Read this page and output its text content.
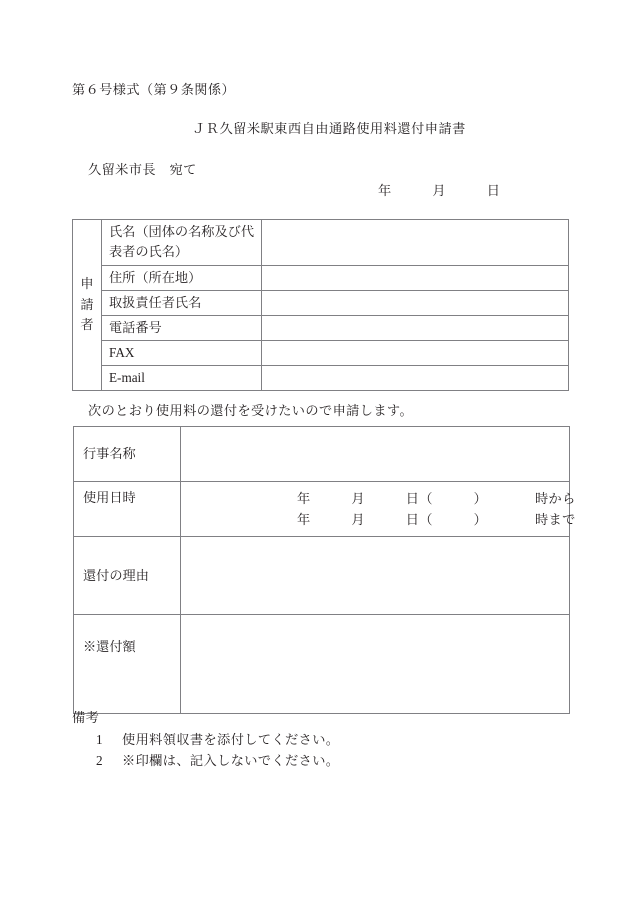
第６号様式（第９条関係）
ＪＲ久留米駅東西自由通路使用料還付申請書
久留米市長　宛て
年　　　月　　　日
申
請
者	氏名（団体の名称及び代表者の氏名）	
	住所（所在地）	
	取扱責任者氏名	
	電話番号	
	FAX	
	E-mail	
次のとおり使用料の還付を受けたいので申請します。
行事名称	
使用日時	年　　　月　　　日（　　　）　　　　時から
年　　　月　　　日（　　　）　　　　時まで

還付の理由	
※還付額	
備考
1 使用料領収書を添付してください。
2 ※印欄は、記入しないでください。
